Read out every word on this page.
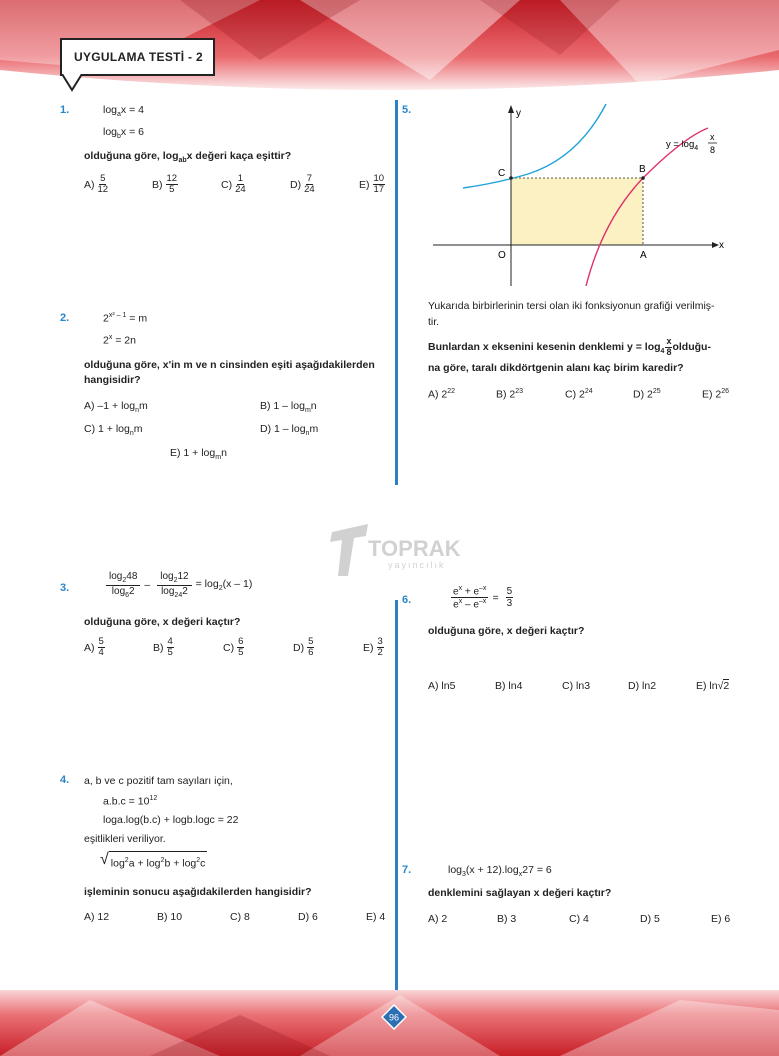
UYGULAMA TESTİ - 2
TOPRAK
yayıncılık
1.	$\log_ax = 4$
$\log_bx = 6$
olduğuna göre, $\log_{ab}x$ değeri kaça eşittir?
$A) \frac{5}{12}$	$B) \frac{12}{5}$	$C) \frac{1}{24}$	$D) \frac{7}{24}$	$E) \frac{10}{17}$
2.	$2^{x^2 - 1} = m$
$2^x = 2n$
olduğuna göre, x'in m ve n cinsinden eşiti aşağıdakilerden hangisidir?
A) $-1 + \log_nm$	B) $1 - \log_mn$
C) $1 + \log_nm$	D) $1 - \log_nm$
E) $1 + \log_mn$
3.	$\frac{\log_248}{\log_62} - \frac{\log_212}{\log_{24}2} = \log_2(x - 1)$
olduğuna göre, x değeri kaçtır?
$A) \frac{5}{4}$	$B) \frac{4}{5}$	$C) \frac{6}{5}$	$D) \frac{5}{6}$	$E) \frac{3}{2}$
4. a, b ve c pozitif tam sayıları için,
$a.b.c = 10^{12}$
loga.log(b.c) + logb.logc = 22
eşitlikleri veriliyor.
√ $\log^2a + \log^2b + \log^2c$
işleminin sonucu aşağıdakilerden hangisidir?
A) 12	B) 10	C) 8	D) 6	E) 4
5.	y
x
O	A
B
C
$y = \log_4$
x
8
Yukarıda birbirlerinin tersi olan iki fonksiyonun grafiği verilmiş-
tir.
Bunlardan x eksenini kesenin denklemi $y = \log_4 \frac{x}{8}$ olduğu-
na göre, taralı dikdörtgenin alanı kaç birim karedir?
A) $2^{22}$	B) $2^{23}$	C) $2^{24}$	D) $2^{25}$	E) $2^{26}$
6.	$\frac{e^x + e^{-x}}{e^x - e^{-x}} = \frac{5}{3}$
olduğuna göre, x değeri kaçtır?
A) ln5	B) ln4	C) ln3	D) ln2	E) ln√2
7.	$\log_3(x + 12).\log_x27 = 6$
denklemini sağlayan x değeri kaçtır?
A) 2	B) 3	C) 4	D) 5	E) 6
96
